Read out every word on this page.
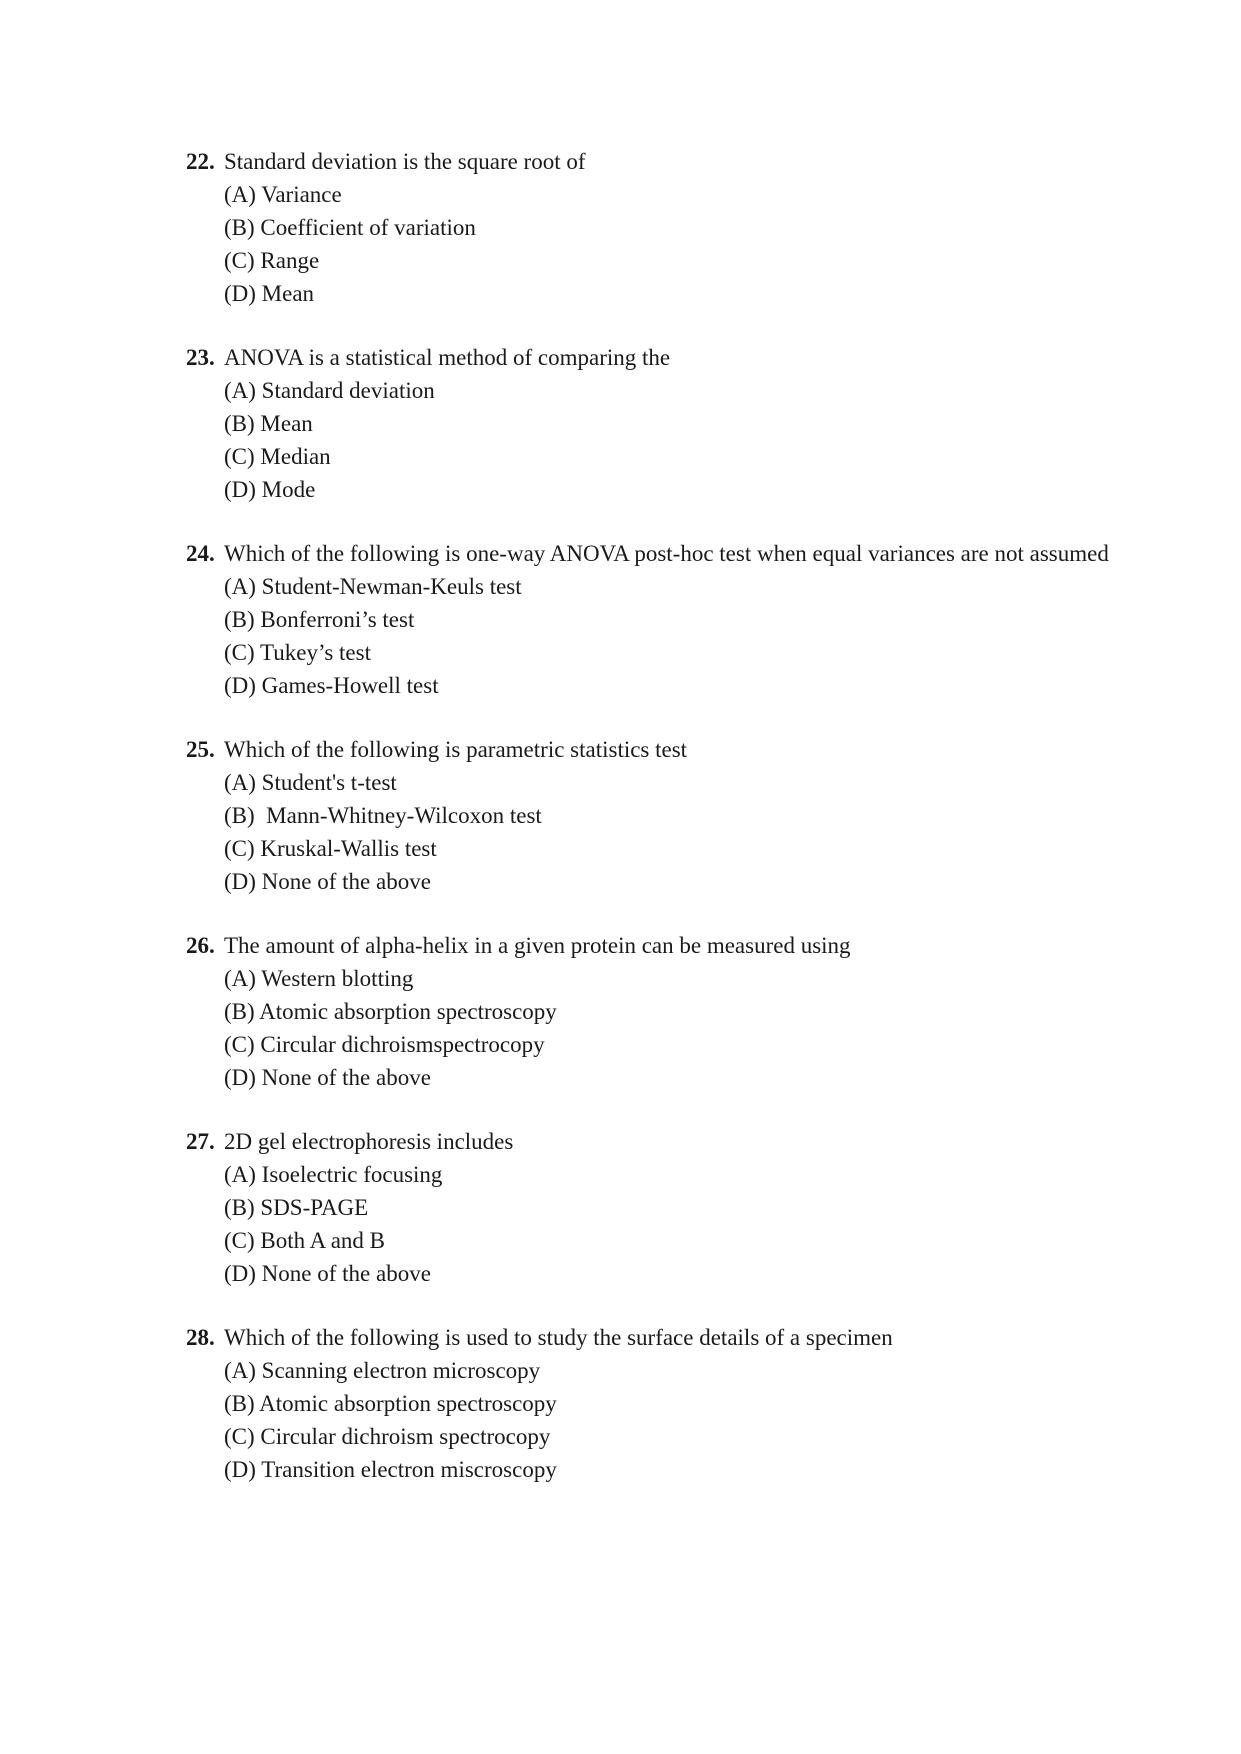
22. Standard deviation is the square root of
(A) Variance
(B) Coefficient of variation
(C) Range
(D) Mean
23. ANOVA is a statistical method of comparing the
(A) Standard deviation
(B) Mean
(C) Median
(D) Mode
24. Which of the following is one-way ANOVA post-hoc test when equal variances are not assumed
(A) Student-Newman-Keuls test
(B) Bonferroni’s test
(C) Tukey’s test
(D) Games-Howell test
25. Which of the following is parametric statistics test
(A) Student's t-test
(B)  Mann-Whitney-Wilcoxon test
(C) Kruskal-Wallis test
(D) None of the above
26. The amount of alpha-helix in a given protein can be measured using
(A) Western blotting
(B) Atomic absorption spectroscopy
(C) Circular dichroismspectrocopy
(D) None of the above
27. 2D gel electrophoresis includes
(A) Isoelectric focusing
(B) SDS-PAGE
(C) Both A and B
(D) None of the above
28. Which of the following is used to study the surface details of a specimen
(A) Scanning electron microscopy
(B) Atomic absorption spectroscopy
(C) Circular dichroism spectrocopy
(D) Transition electron miscroscopy
